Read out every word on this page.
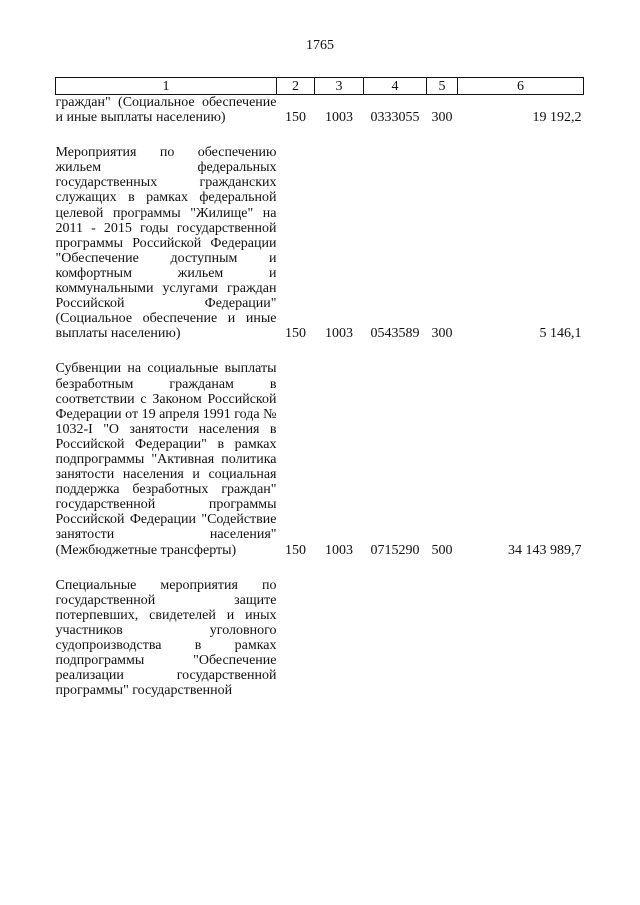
1765
1	2	3	4	5	6
граждан" (Социальное обеспечение и иные выплаты населению)	150	1003	0333055	300	19 192,2

Мероприятия по обеспечению жильем федеральных государственных гражданских служащих в рамках федеральной целевой программы "Жилище" на 2011 - 2015 годы государственной программы Российской Федерации "Обеспечение доступным и комфортным жильем и коммунальными услугами граждан Российской Федерации" (Социальное обеспечение и иные выплаты населению)	150	1003	0543589	300	5 146,1

Субвенции на социальные выплаты безработным гражданам в соответствии с Законом Российской Федерации от 19 апреля 1991 года № 1032-I "О занятости населения в Российской Федерации" в рамках подпрограммы "Активная политика занятости населения и социальная поддержка безработных граждан" государственной программы Российской Федерации "Содействие занятости населения" (Межбюджетные трансферты)	150	1003	0715290	500	34 143 989,7

Специальные мероприятия по государственной защите потерпевших, свидетелей и иных участников уголовного судопроизводства в рамках подпрограммы "Обеспечение реализации государственной программы" государственной					
